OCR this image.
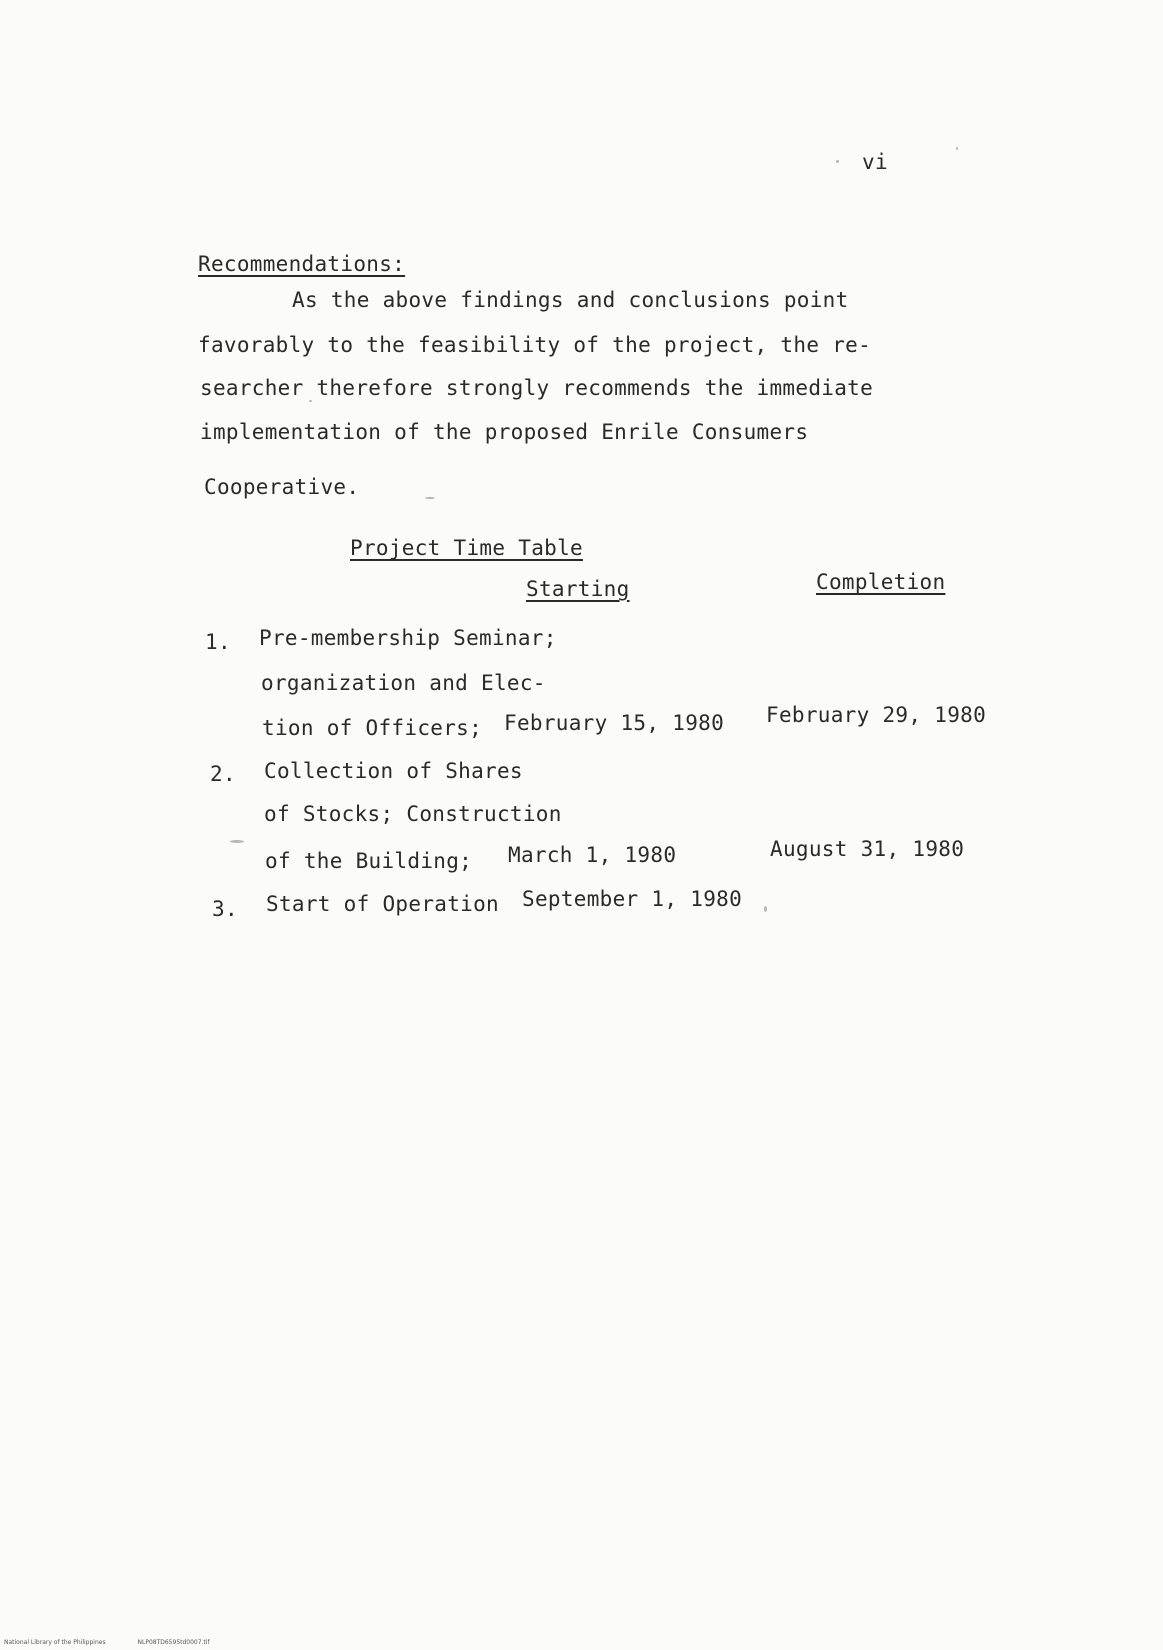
vi
Recommendations:
As the above findings and conclusions point
favorably to the feasibility of the project, the re-
searcher therefore strongly recommends the immediate
implementation of the proposed Enrile Consumers
Cooperative.
Project Time Table
Starting	Completion
1. Pre-membership Seminar;
organization and Elec-
tion of Officers; February 15, 1980 February 29, 1980
2. Collection of Shares
of Stocks; Construction
of the Building; March 1, 1980	August 31, 1980
3. Start of Operation September 1, 1980
National Library of the Philippines	NLP08TD6595td0007.tif
